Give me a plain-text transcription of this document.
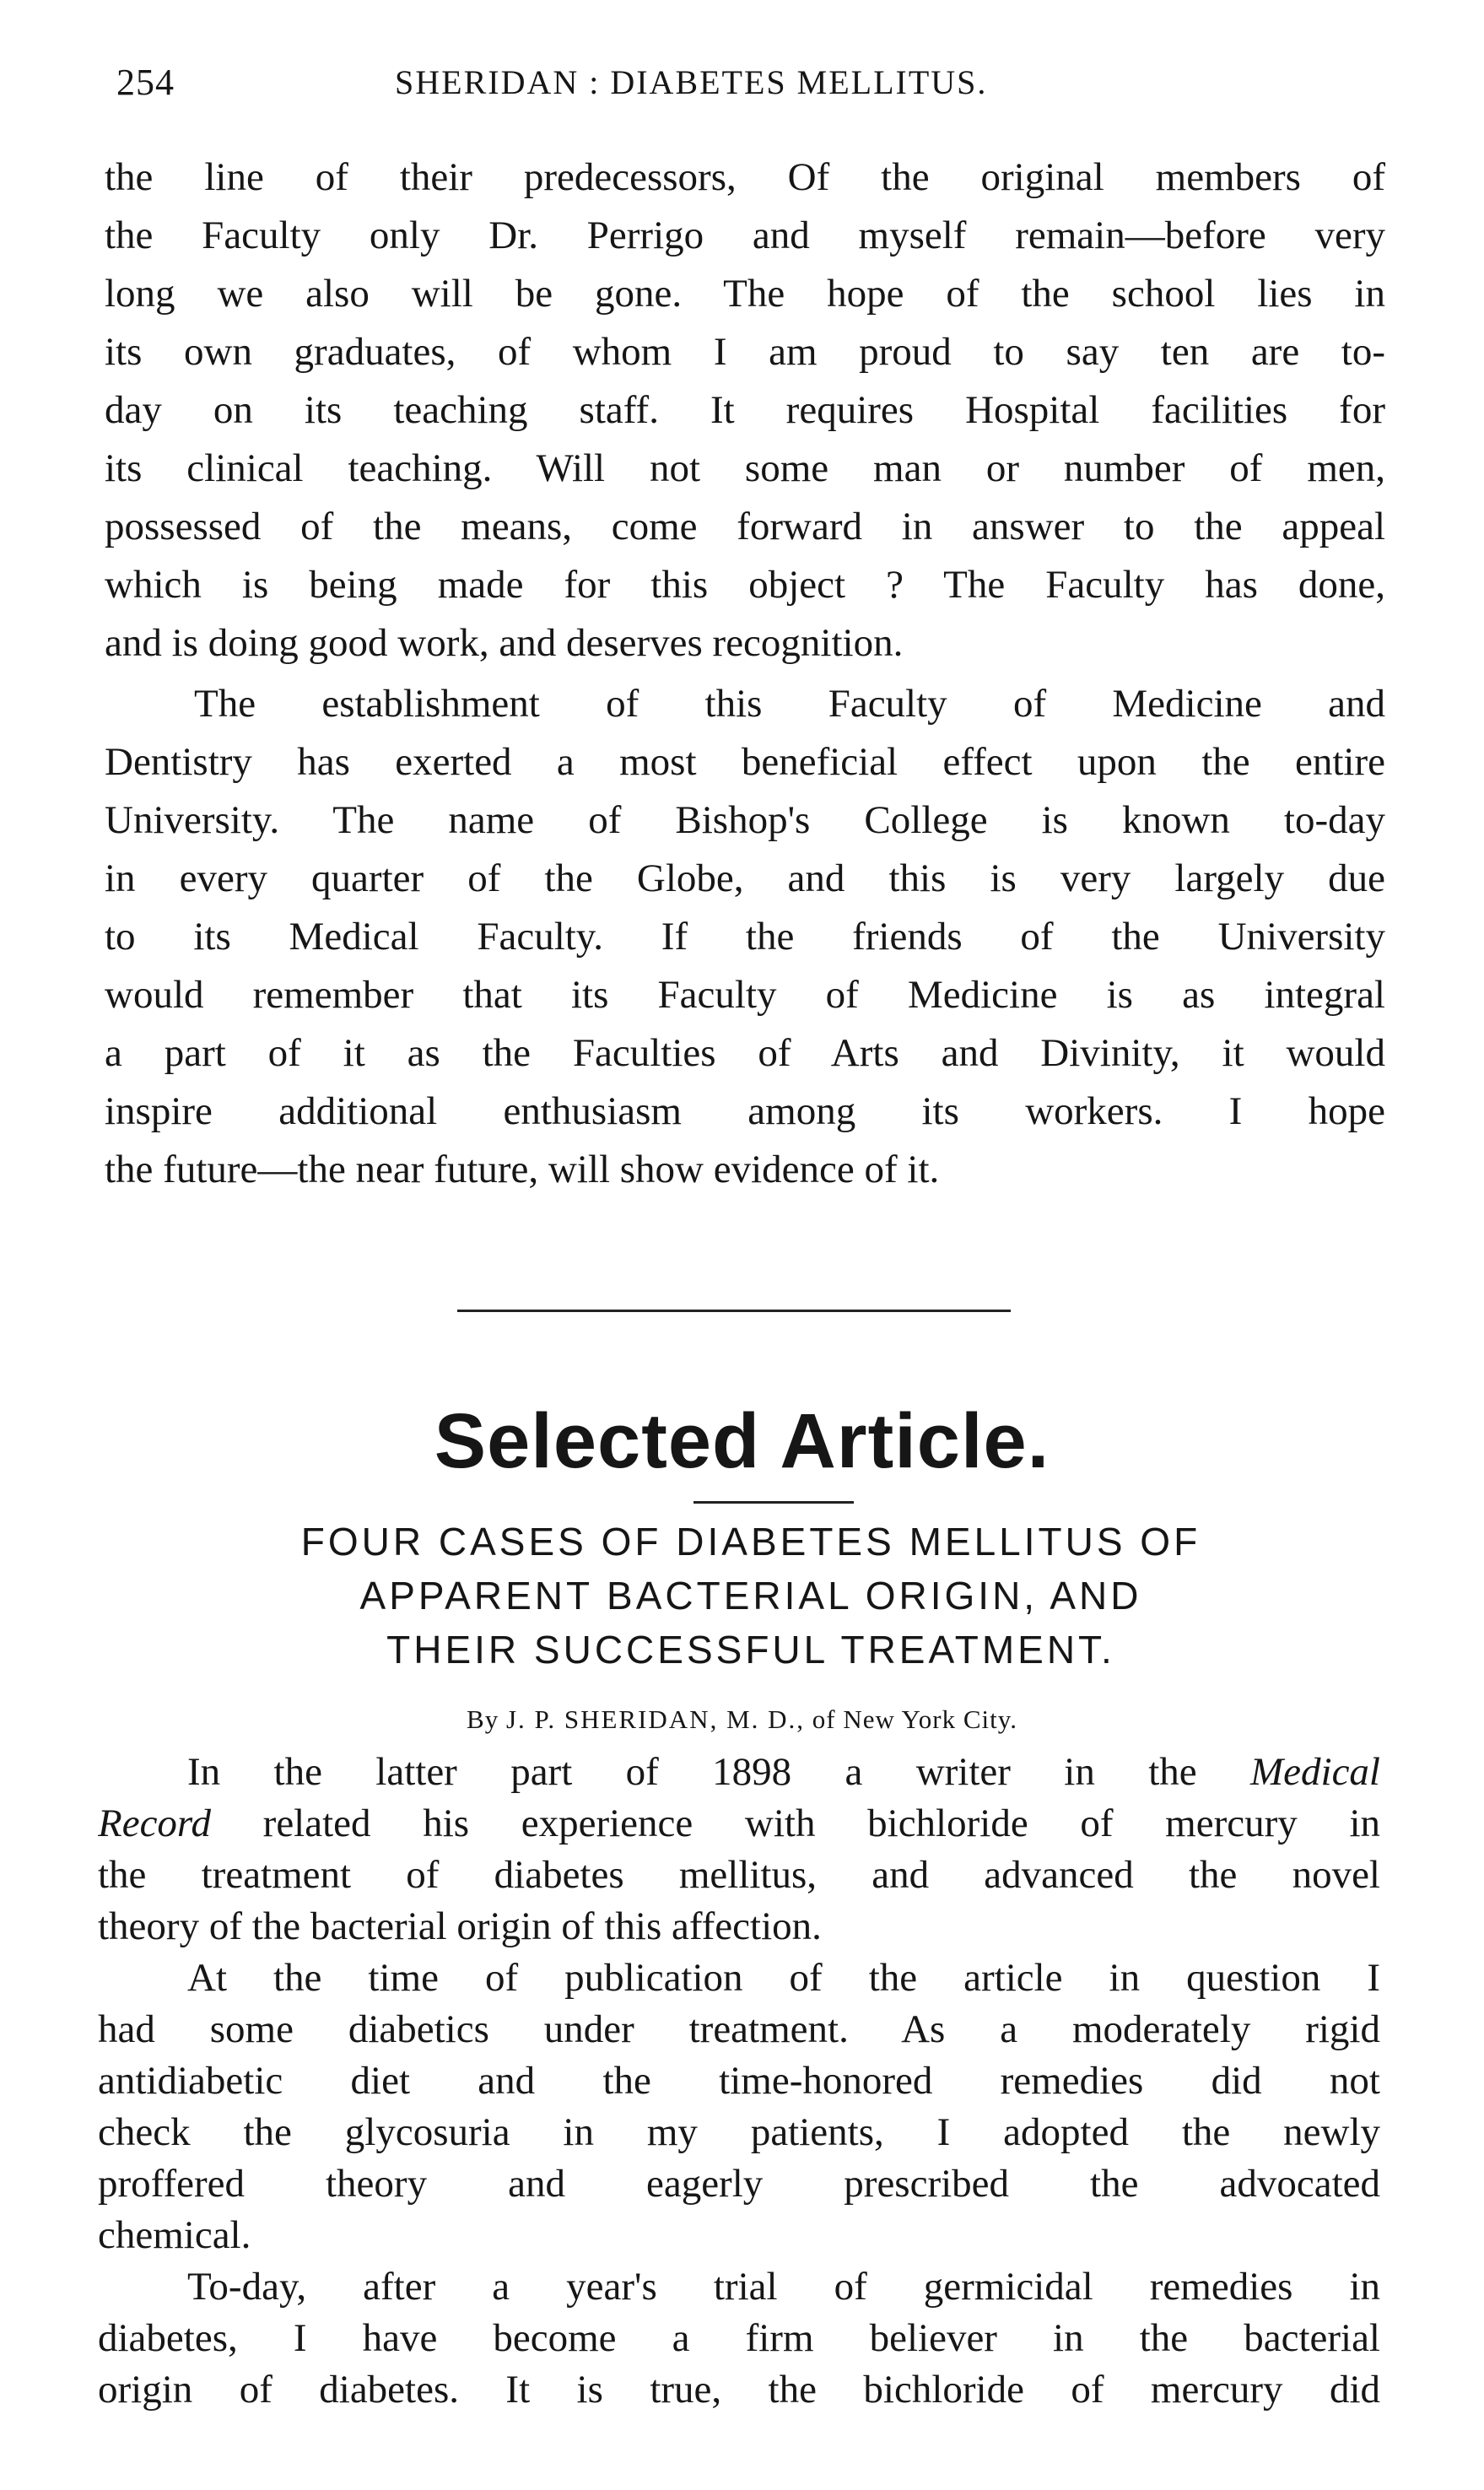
254	SHERIDAN : DIABETES MELLITUS.
the line of their predecessors, Of the original members of
the Faculty only Dr. Perrigo and myself remain—before very
long we also will be gone. The hope of the school lies in
its own graduates, of whom I am proud to say ten are to-
day on its teaching staff. It requires Hospital facilities for
its clinical teaching. Will not some man or number of men,
possessed of the means, come forward in answer to the appeal
which is being made for this object ? The Faculty has done,
and is doing good work, and deserves recognition.
The establishment of this Faculty of Medicine and
Dentistry has exerted a most beneficial effect upon the entire
University. The name of Bishop's College is known to-day
in every quarter of the Globe, and this is very largely due
to its Medical Faculty. If the friends of the University
would remember that its Faculty of Medicine is as integral
a part of it as the Faculties of Arts and Divinity, it would
inspire additional enthusiasm among its workers. I hope
the future—the near future, will show evidence of it.
Selected Article.
FOUR CASES OF DIABETES MELLITUS OF
APPARENT BACTERIAL ORIGIN, AND
THEIR SUCCESSFUL TREATMENT.
By J. P. SHERIDAN, M. D., of New York City.
In the latter part of 1898 a writer in the Medical
Record related his experience with bichloride of mercury in
the treatment of diabetes mellitus, and advanced the novel
theory of the bacterial origin of this affection.
At the time of publication of the article in question I
had some diabetics under treatment. As a moderately rigid
antidiabetic diet and the time-honored remedies did not
check the glycosuria in my patients, I adopted the newly
proffered theory and eagerly prescribed the advocated
chemical.
To-day, after a year's trial of germicidal remedies in
diabetes, I have become a firm believer in the bacterial
origin of diabetes. It is true, the bichloride of mercury did
